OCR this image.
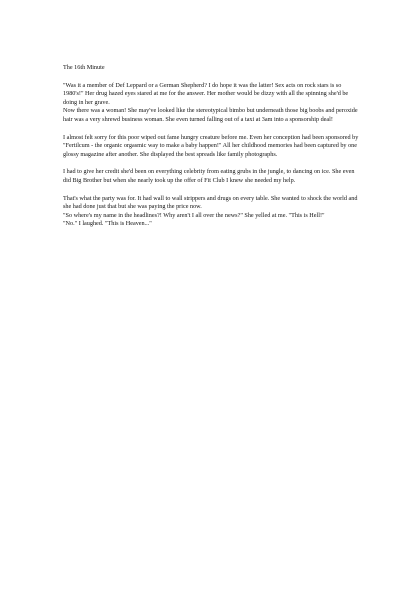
The 16th Minute
"Was it a member of Def Leppard or a German Shepherd? I do hope it was the latter! Sex acts on rock stars is so 1980's!" Her drug hazed eyes stared at me for the answer. Her mother would be dizzy with all the spinning she'd be doing in her grave.
Now there was a woman! She may've looked like the stereotypical bimbo but underneath those big boobs and peroxide hair was a very shrewd business woman. She even turned falling out of a taxi at 3am into a sponsorship deal!
I almost felt sorry for this poor wiped out fame hungry creature before me. Even her conception had been sponsored by "Fertilcum - the organic orgasmic way to make a baby happen!" All her childhood memories had been captured by one glossy magazine after another. She displayed the best spreads like family photographs.
I had to give her credit she'd been on everything celebrity from eating grubs in the jungle, to dancing on ice. She even did Big Brother but when she nearly took up the offer of Fit Club I knew she needed my help.
That's what the party was for. It had wall to wall strippers and drugs on every table. She wanted to shock the world and she had done just that but she was paying the price now.
"So where's my name in the headlines?! Why aren't I all over the news?" She yelled at me. "This is Hell!"
"No." I laughed. "This is Heaven..."
